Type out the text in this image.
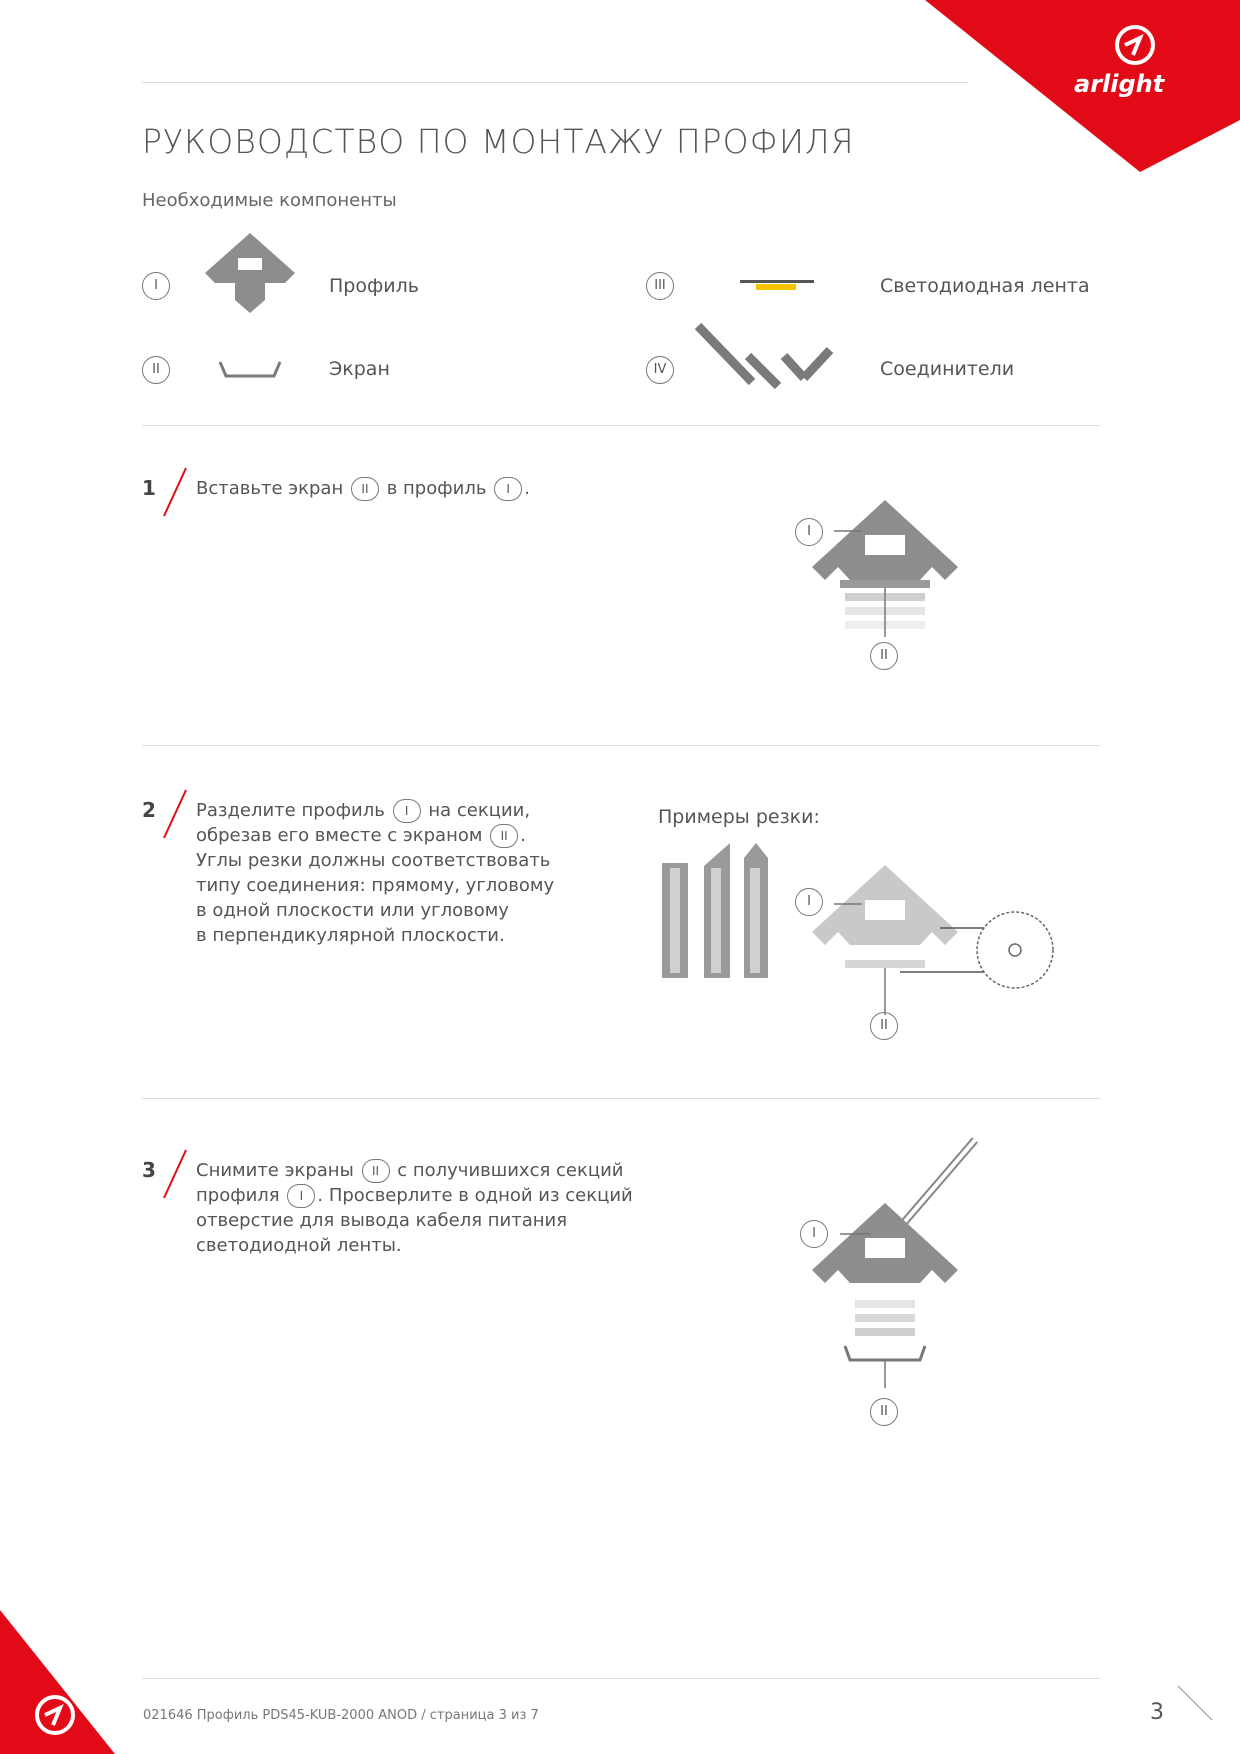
arlight
РУКОВОДСТВО ПО МОНТАЖУ ПРОФИЛЯ
Необходимые компоненты
I	Профиль
II	Экран
III	Светодиодная лента
IV	Соединители
1 Вставьте экран II в профиль I .
I
II
2 Разделите профиль I на секции,
обрезав его вместе с экраном II .
Углы резки должны соответствовать
типу соединения: прямому, угловому
в одной плоскости или угловому
в перпендикулярной плоскости.
Примеры резки:
I
II
3 Снимите экраны II с получившихся секций
профиля I . Просверлите в одной из секций
отверстие для вывода кабеля питания
светодиодной ленты.
I
II
021646 Профиль PDS45-KUB-2000 ANOD / страница 3 из 7	3
